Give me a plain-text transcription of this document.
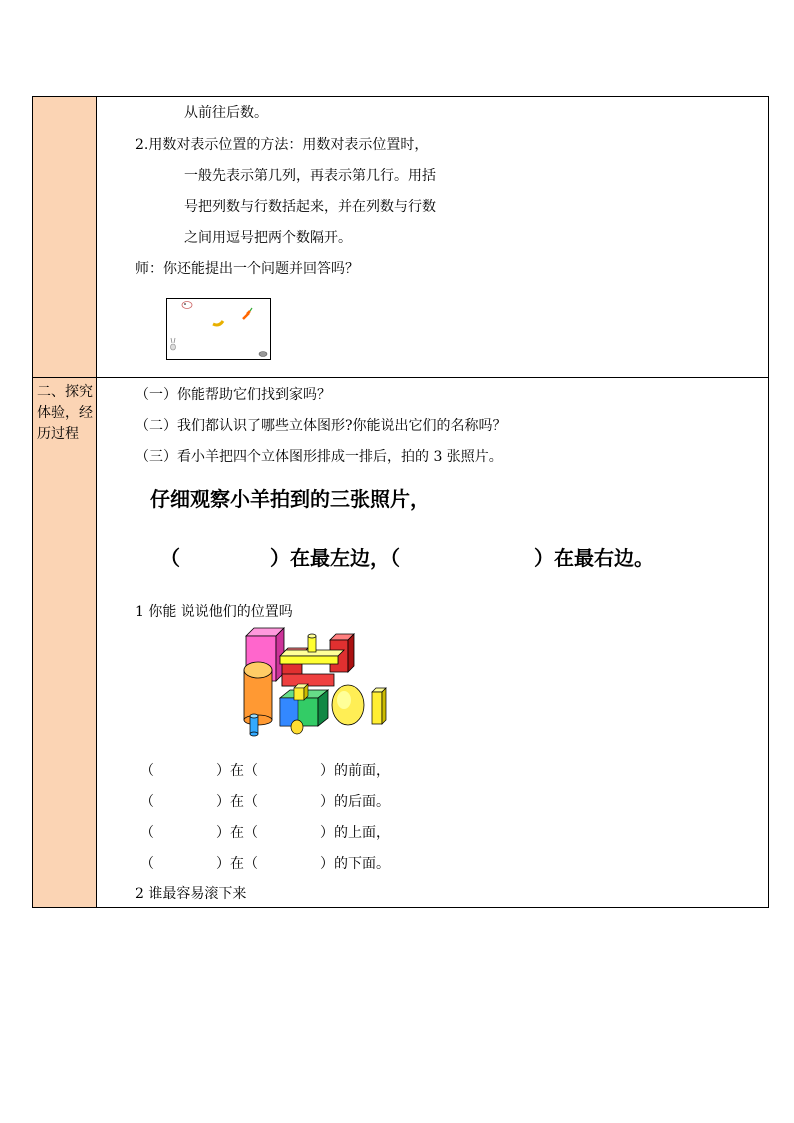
二、探究体验，经历过程
从前往后数。
2.用数对表示位置的方法：用数对表示位置时，
一般先表示第几列，再表示第几行。用括
号把列数与行数括起来，并在列数与行数
之间用逗号把两个数隔开。
师：你还能提出一个问题并回答吗？
（一）你能帮助它们找到家吗？
（二）我们都认识了哪些立体图形?你能说出它们的名称吗？
（三）看小羊把四个立体图形排成一排后，拍的 3 张照片。
仔细观察小羊拍到的三张照片，
（	）在最左边，（	）在最右边。
1 你能 说说他们的位置吗
（	）在（	）的前面，
（	）在（	）的后面。
（	）在（	）的上面，
（	）在（	）的下面。
2 谁最容易滚下来
